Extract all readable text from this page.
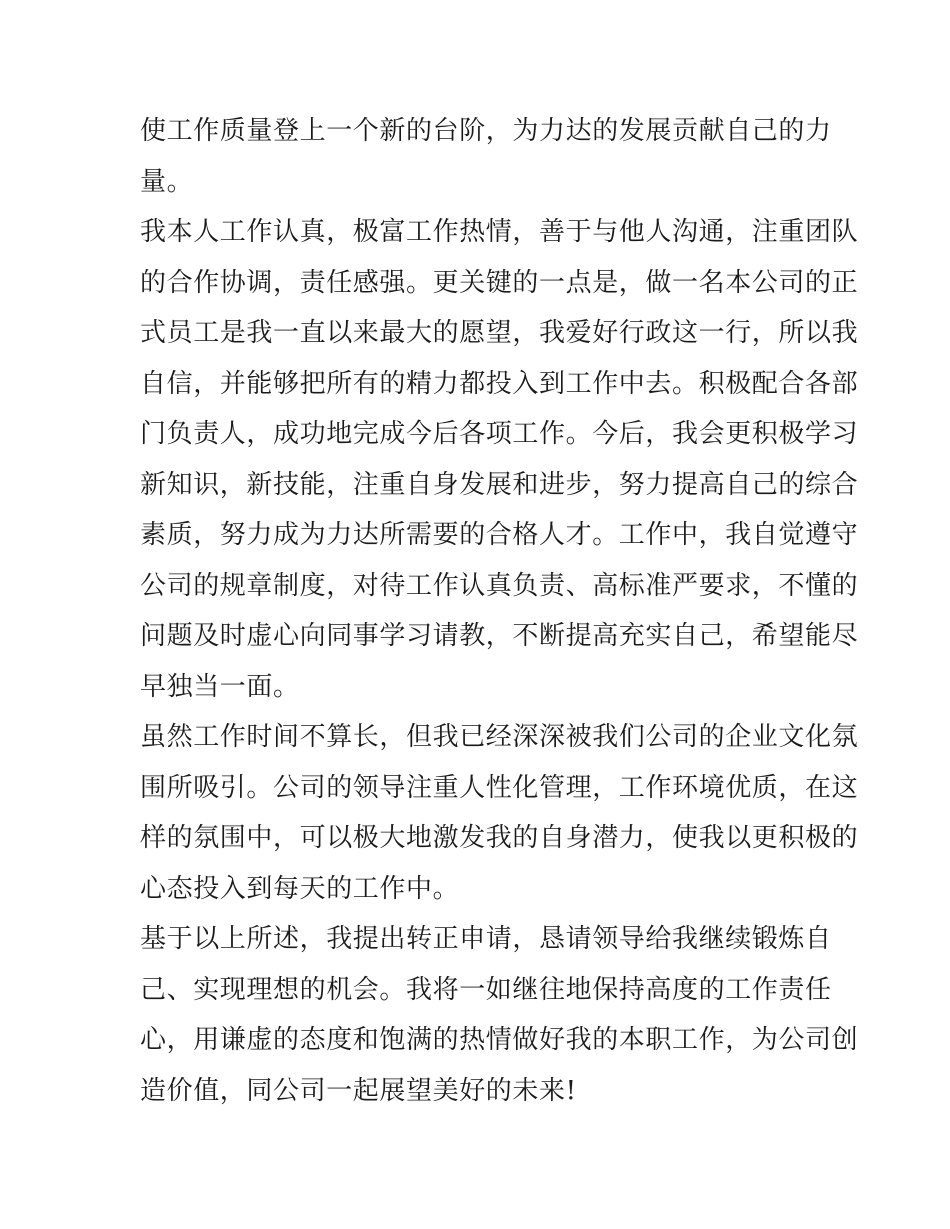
使工作质量登上一个新的台阶，为力达的发展贡献自己的力
量。
我本人工作认真，极富工作热情，善于与他人沟通，注重团队
的合作协调，责任感强。更关键的一点是，做一名本公司的正
式员工是我一直以来最大的愿望，我爱好行政这一行，所以我
自信，并能够把所有的精力都投入到工作中去。积极配合各部
门负责人，成功地完成今后各项工作。今后，我会更积极学习
新知识，新技能，注重自身发展和进步，努力提高自己的综合
素质，努力成为力达所需要的合格人才。工作中，我自觉遵守
公司的规章制度，对待工作认真负责、高标准严要求，不懂的
问题及时虚心向同事学习请教，不断提高充实自己，希望能尽
早独当一面。
虽然工作时间不算长，但我已经深深被我们公司的企业文化氛
围所吸引。公司的领导注重人性化管理，工作环境优质，在这
样的氛围中，可以极大地激发我的自身潜力，使我以更积极的
心态投入到每天的工作中。
基于以上所述，我提出转正申请，恳请领导给我继续锻炼自
己、实现理想的机会。我将一如继往地保持高度的工作责任
心，用谦虚的态度和饱满的热情做好我的本职工作，为公司创
造价值，同公司一起展望美好的未来!
